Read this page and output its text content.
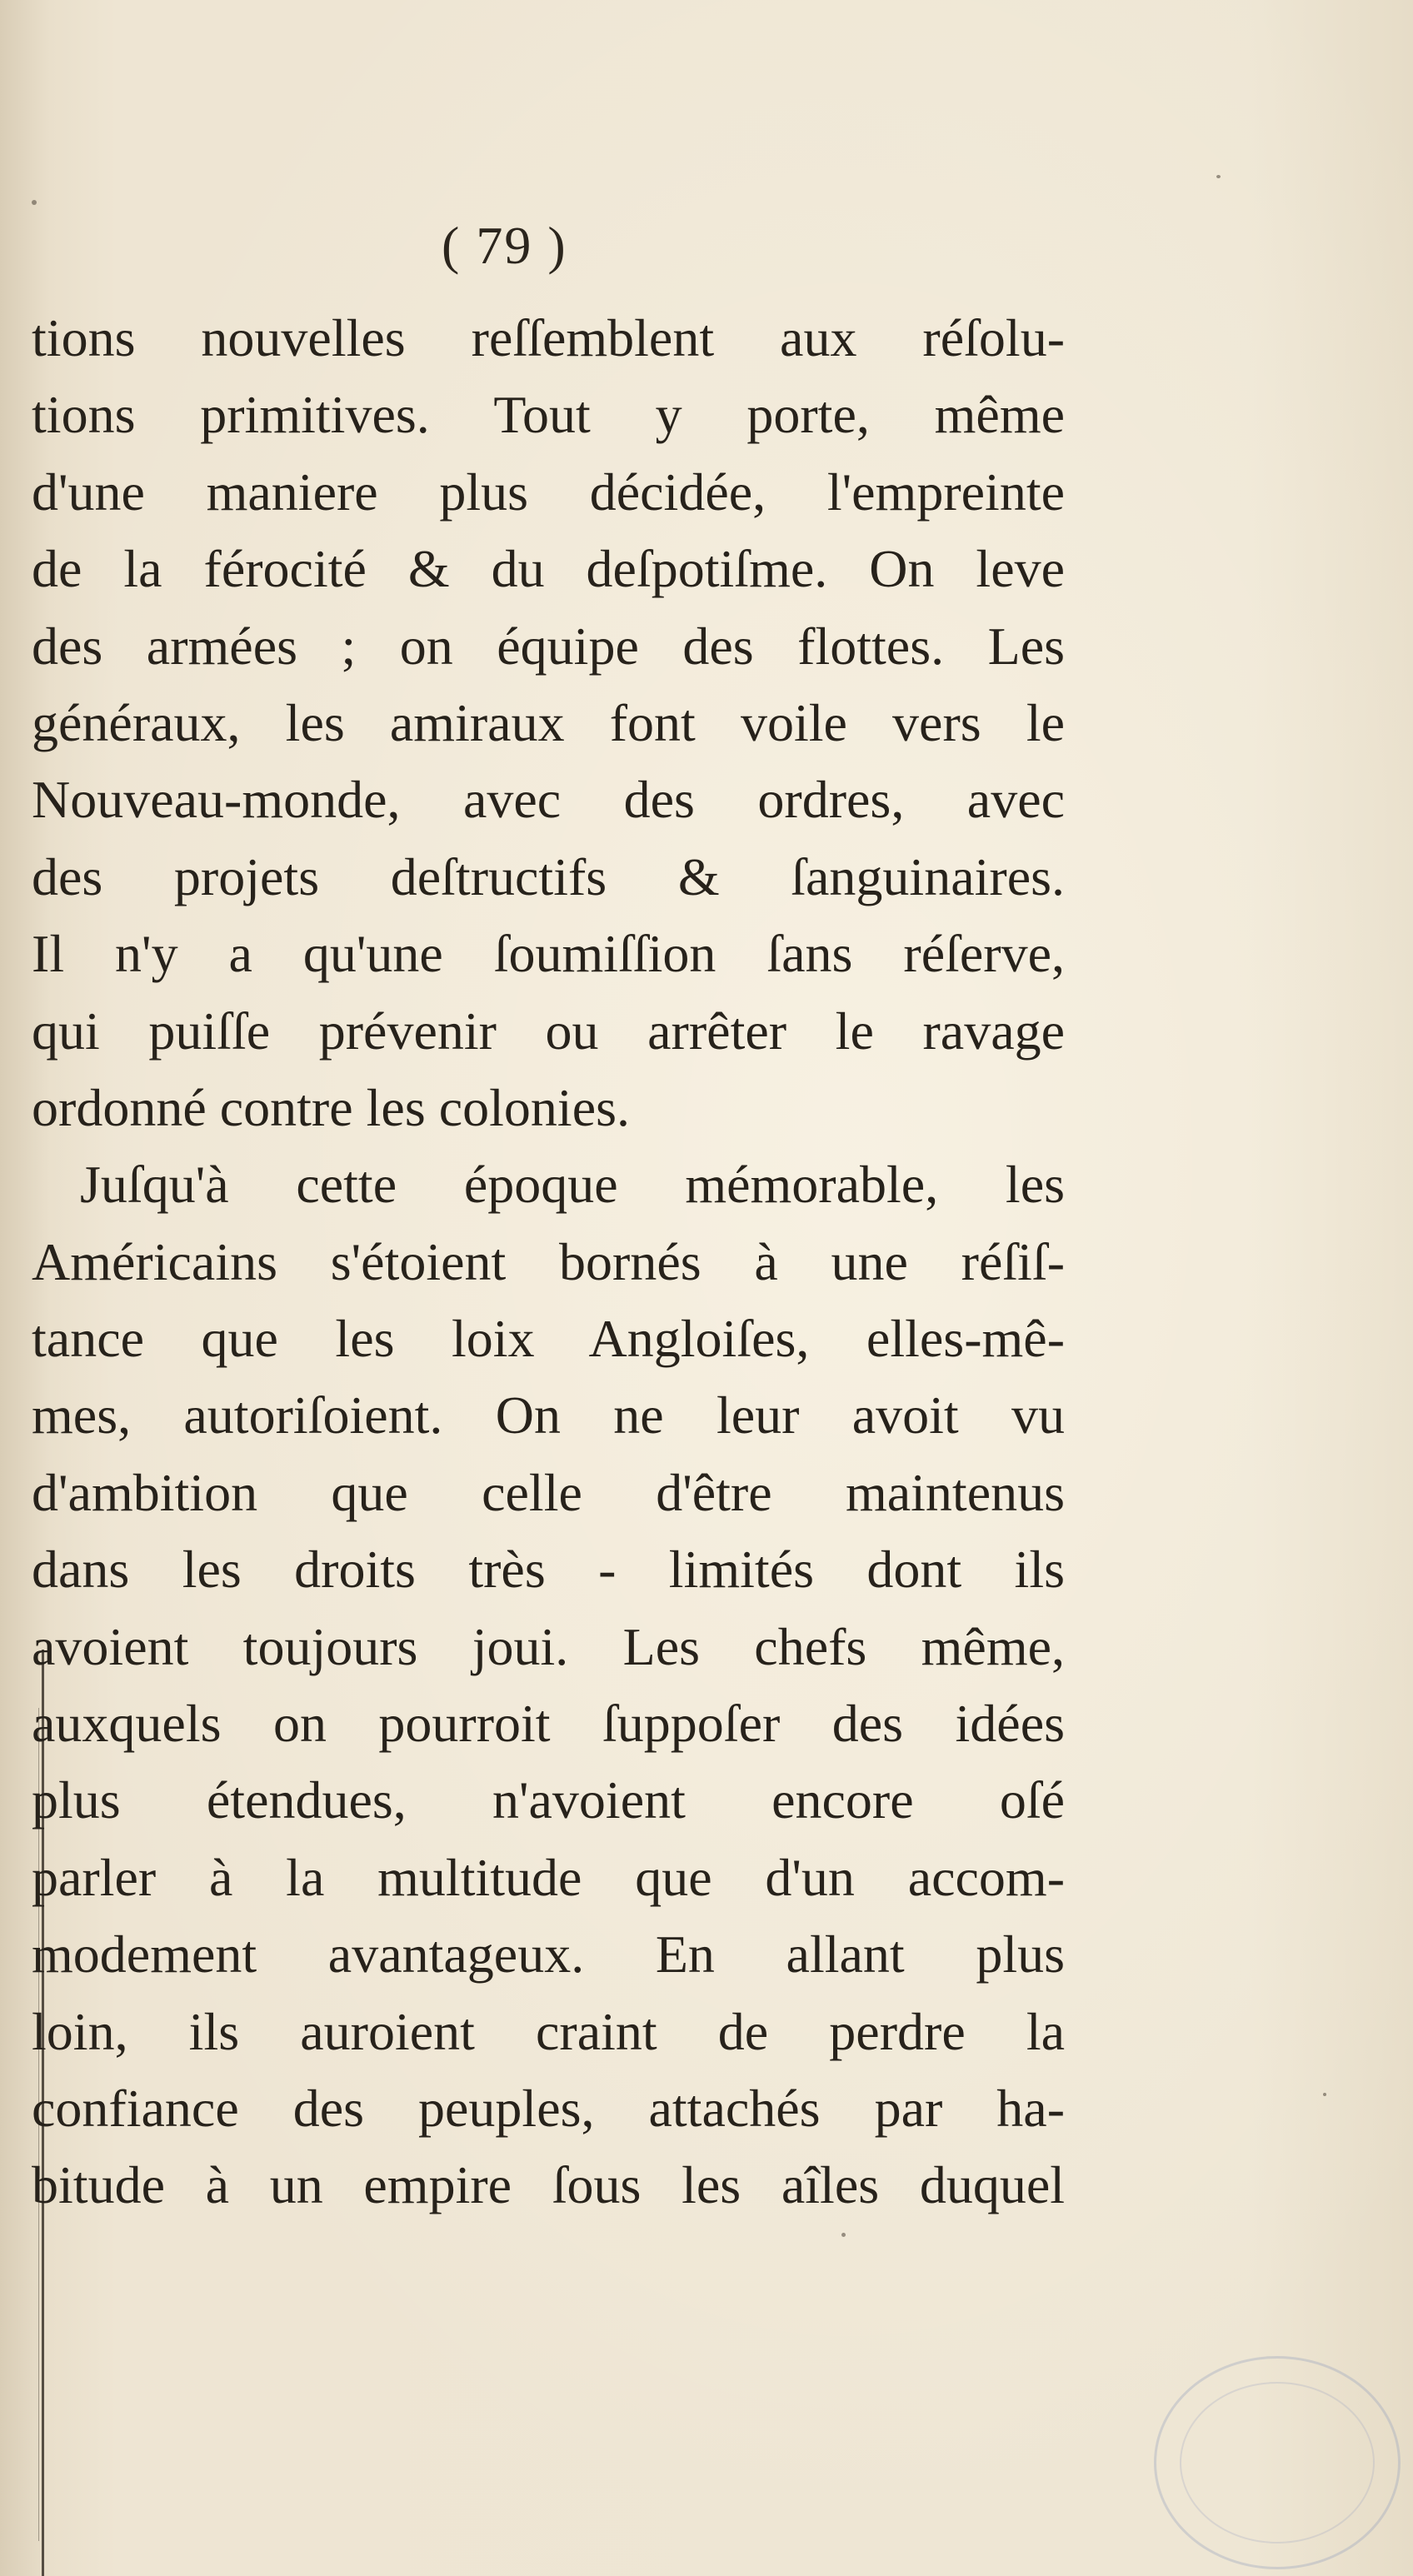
( 79 )
tions nouvelles reſſemblent aux réſolu-
tions primitives. Tout y porte, même
d'une maniere plus décidée, l'empreinte
de la férocité & du deſpotiſme. On leve
des armées ; on équipe des flottes. Les
généraux, les amiraux font voile vers le
Nouveau-monde, avec des ordres, avec
des projets deſtructifs & ſanguinaires.
Il n'y a qu'une ſoumiſſion ſans réſerve,
qui puiſſe prévenir ou arrêter le ravage
ordonné contre les colonies.
Juſqu'à cette époque mémorable, les
Américains s'étoient bornés à une réſiſ-
tance que les loix Angloiſes, elles-mê-
mes, autoriſoient. On ne leur avoit vu
d'ambition que celle d'être maintenus
dans les droits très - limités dont ils
avoient toujours joui. Les chefs même,
auxquels on pourroit ſuppoſer des idées
plus étendues, n'avoient encore oſé
parler à la multitude que d'un accom-
modement avantageux. En allant plus
loin, ils auroient craint de perdre la
confiance des peuples, attachés par ha-
bitude à un empire ſous les aîles duquel
